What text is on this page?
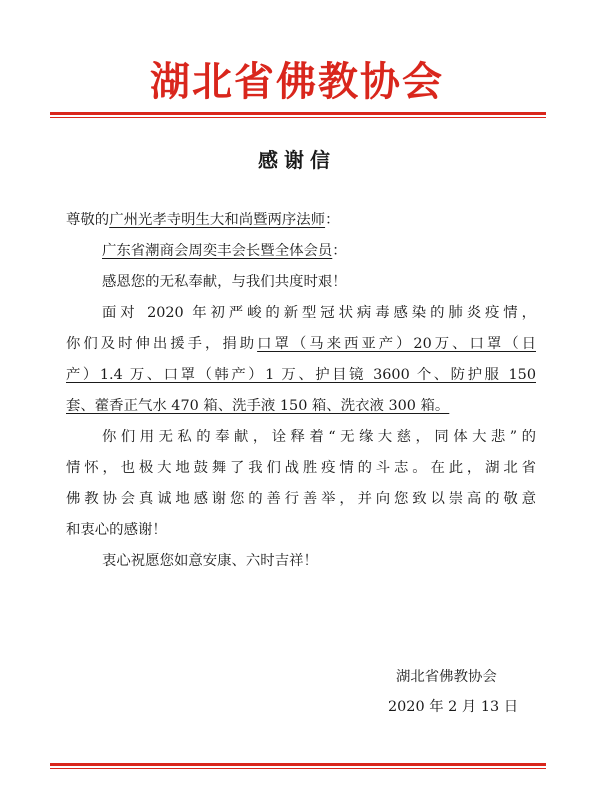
湖北省佛教协会
感谢信
尊敬的广州光孝寺明生大和尚暨两序法师：
广东省潮商会周奕丰会长暨全体会员：
感恩您的无私奉献，与我们共度时艰！
面对 2020 年初严峻的新型冠状病毒感染的肺炎疫情，
你们及时伸出援手，捐助口罩（马来西亚产）20万、口罩（日
产）1.4 万、口罩（韩产）1 万、护目镜 3600 个、防护服 150
套、藿香正气水 470 箱、洗手液 150 箱、洗衣液 300 箱。
你们用无私的奉献，诠释着“无缘大慈，同体大悲”的
情怀，也极大地鼓舞了我们战胜疫情的斗志。在此，湖北省
佛教协会真诚地感谢您的善行善举，并向您致以崇高的敬意
和衷心的感谢！
衷心祝愿您如意安康、六时吉祥！
湖北省佛教协会
2020 年 2 月 13 日
